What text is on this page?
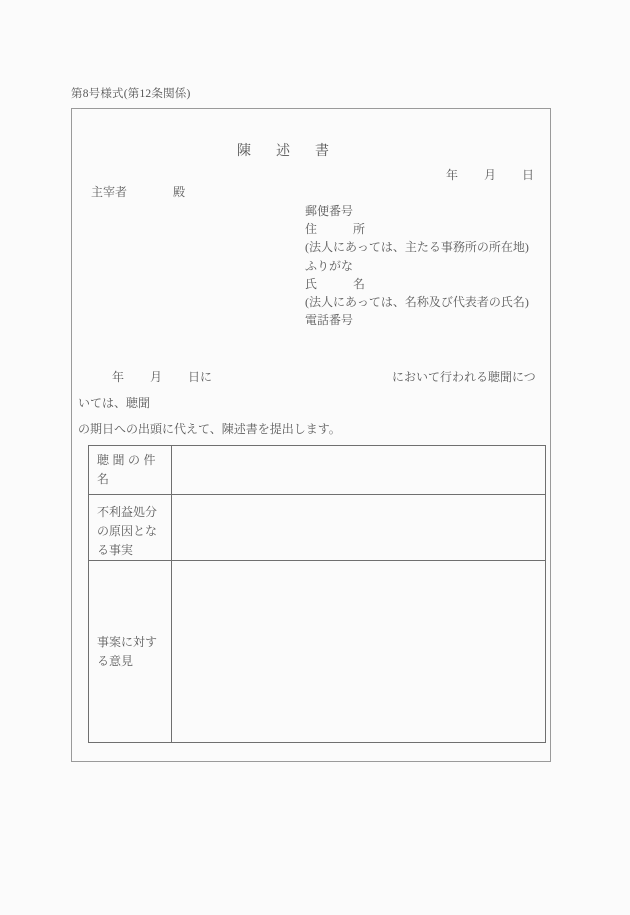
第8号様式(第12条関係)
陳述書
年 月 日
主宰者	殿
郵便番号
住　　　所
(法人にあっては、主たる事務所の所在地)
ふりがな
氏　　　名
(法人にあっては、名称及び代表者の氏名)
電話番号
年 月 日に	において行われる聴聞については、聴聞
の期日への出頭に代えて、陳述書を提出します。
聴聞の件名	
不利益処分の原因となる事実	
事案に対する意見	
